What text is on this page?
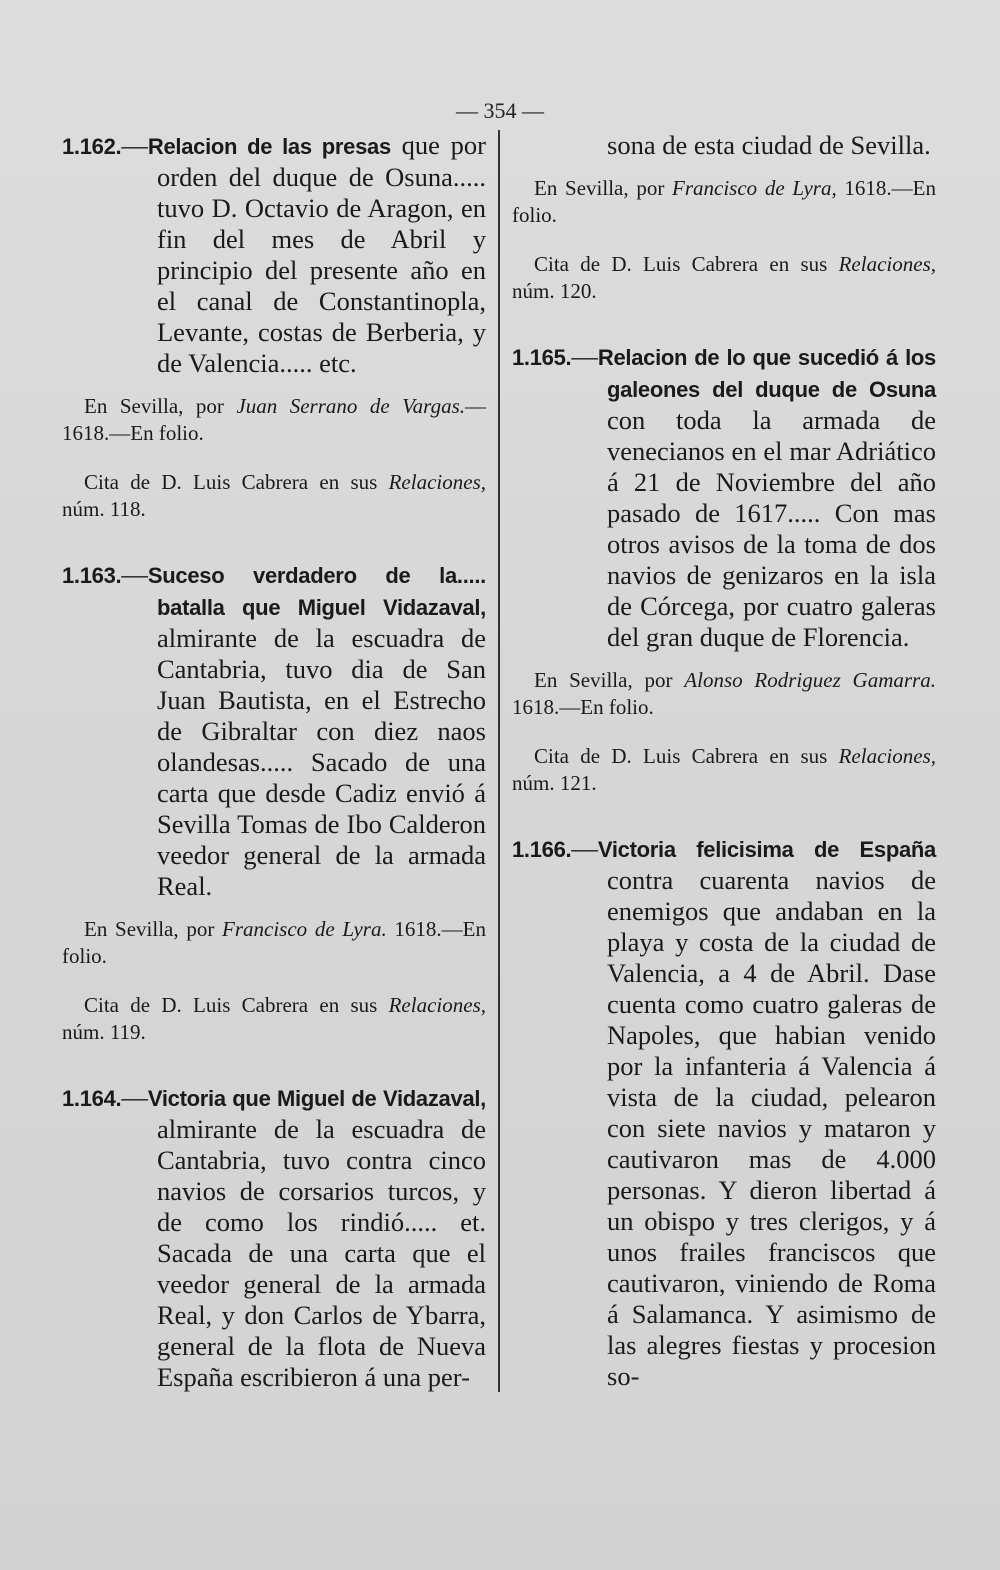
— 354 —

1.162.—Relacion de las presas que por orden del duque de Osuna..... tuvo D. Octavio de Aragon, en fin del mes de Abril y principio del presente año en el canal de Constantinopla, Levante, costas de Berberia, y de Valencia..... etc.

En Sevilla, por Juan Serrano de Vargas.—1618.—En folio.

Cita de D. Luis Cabrera en sus Relaciones, núm. 118.

1.163.—Suceso verdadero de la..... batalla que Miguel Vidazaval, almirante de la escuadra de Cantabria, tuvo dia de San Juan Bautista, en el Estrecho de Gibraltar con diez naos olandesas..... Sacado de una carta que desde Cadiz envió á Sevilla Tomas de Ibo Calderon veedor general de la armada Real.

En Sevilla, por Francisco de Lyra. 1618.—En folio.

Cita de D. Luis Cabrera en sus Relaciones, núm. 119.

1.164.—Victoria que Miguel de Vidazaval, almirante de la escuadra de Cantabria, tuvo contra cinco navios de corsarios turcos, y de como los rindió..... et. Sacada de una carta que el veedor general de la armada Real, y don Carlos de Ybarra, general de la flota de Nueva España escribieron á una per-

sona de esta ciudad de Sevilla.

En Sevilla, por Francisco de Lyra, 1618.—En folio.

Cita de D. Luis Cabrera en sus Relaciones, núm. 120.

1.165.—Relacion de lo que sucedió á los galeones del duque de Osuna con toda la armada de venecianos en el mar Adriático á 21 de Noviembre del año pasado de 1617..... Con mas otros avisos de la toma de dos navios de genizaros en la isla de Córcega, por cuatro galeras del gran duque de Florencia.

En Sevilla, por Alonso Rodriguez Gamarra. 1618.—En folio.

Cita de D. Luis Cabrera en sus Relaciones, núm. 121.

1.166.—Victoria felicisima de España contra cuarenta navios de enemigos que andaban en la playa y costa de la ciudad de Valencia, a 4 de Abril. Dase cuenta como cuatro galeras de Napoles, que habian venido por la infanteria á Valencia á vista de la ciudad, pelearon con siete navios y mataron y cautivaron mas de 4.000 personas. Y dieron libertad á un obispo y tres clerigos, y á unos frailes franciscos que cautivaron, viniendo de Roma á Salamanca. Y asimismo de las alegres fiestas y procesion so-
